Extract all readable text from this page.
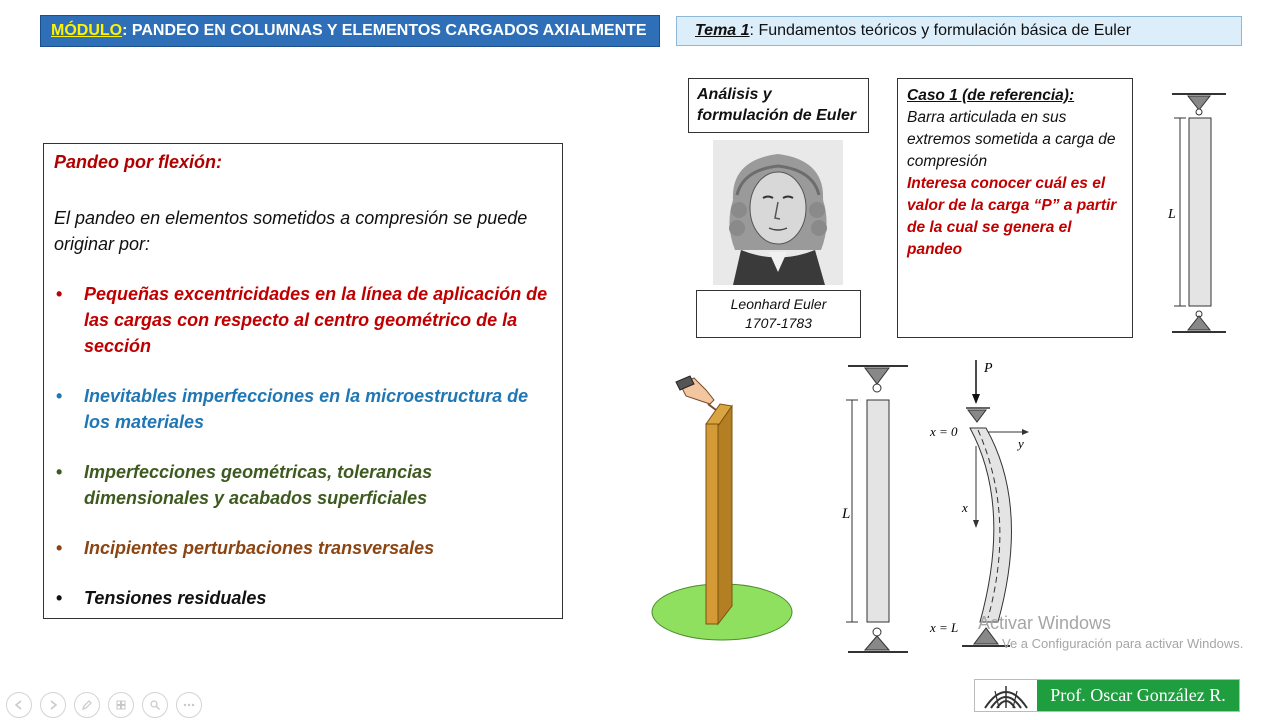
MÓDULO : PANDEO EN COLUMNAS Y ELEMENTOS CARGADOS AXIALMENTE	Tema 1 : Fundamentos teóricos y formulación básica de Euler
Pandeo por flexión:
El pandeo en elementos sometidos a compresión se puede originar por:
• Pequeñas excentricidades en la línea de aplicación de las cargas con respecto al centro geométrico de la sección
• Inevitables imperfecciones en la microestructura de los materiales
• Imperfecciones geométricas, tolerancias dimensionales y acabados superficiales
• Incipientes perturbaciones transversales
• Tensiones residuales
Análisis y formulación de Euler
Leonhard Euler
1707-1783
Caso 1 (de referencia):
Barra articulada en sus extremos sometida a carga de compresión
Interesa conocer cuál es el valor de la carga “P” a partir de la cual se genera el pandeo
L
L
P
x = 0
y
x
x = L Activar Windows
Ve a Configuración para activar Windows.
Prof. Oscar González R.
